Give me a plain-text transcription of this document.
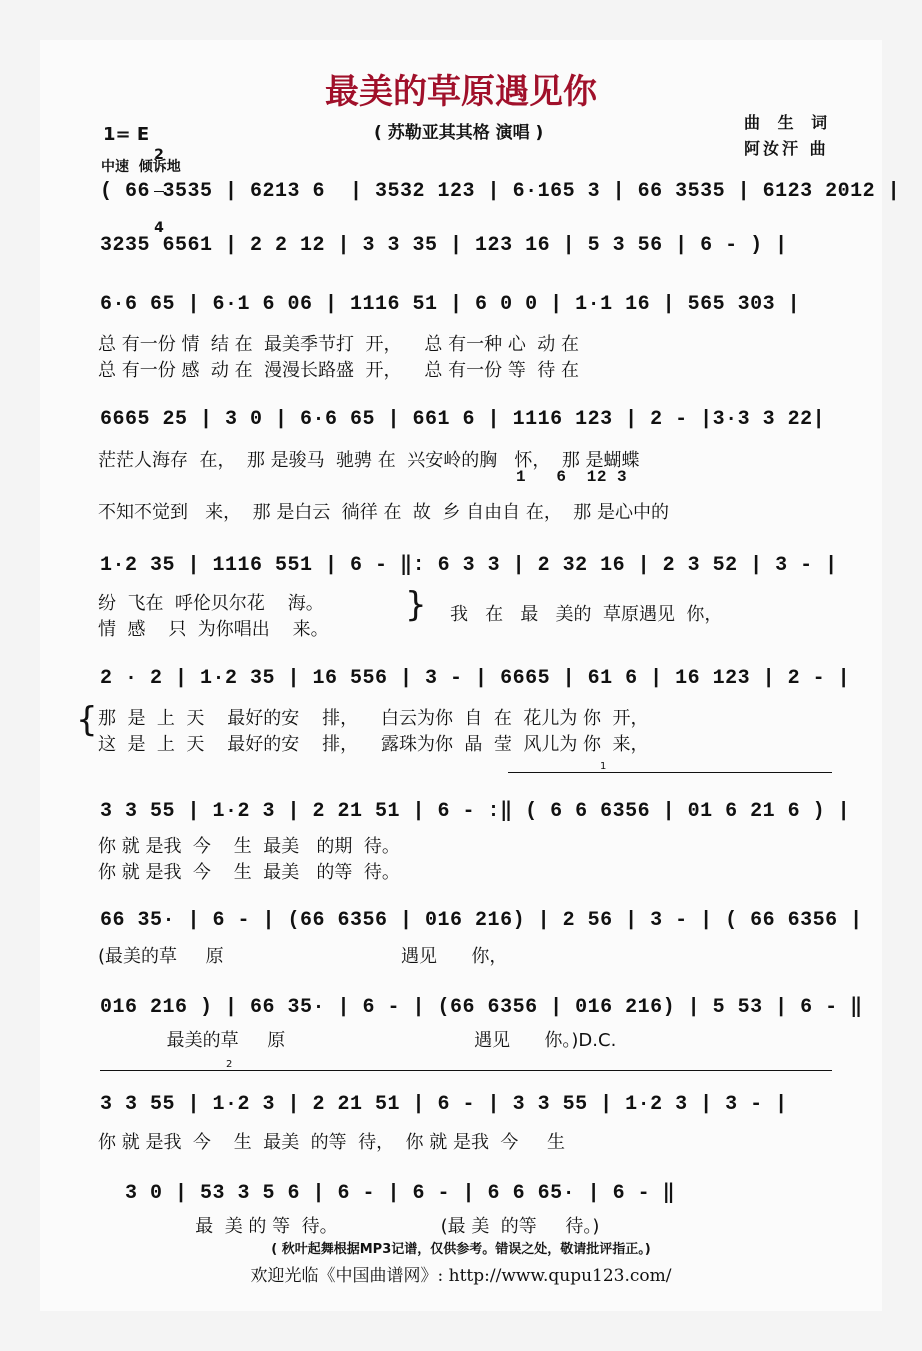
最美的草原遇见你
( 苏勒亚其其格 演唱 )
曲 生 词
阿汝汗 曲
1= E

2

4

中速  倾诉地
( 66 3535 | 6213 6  | 3532 123 | 6·165 3 | 66 3535 | 6123 2012 |
3235 6561 | 2 2 12 | 3 3 35 | 123 16 | 5 3 56 | 6 - ) |
6·6 65 | 6·1 6 06 | 1116 51 | 6 0 0 | 1·1 16 | 565 303 |
总 有一份 情  结 在  最美季节打  开，    总 有一种 心  动 在
总 有一份 感  动 在  漫漫长路盛  开，    总 有一份 等  待 在
6665 25 | 3 0 | 6·6 65 | 661 6 | 1116 123 | 2 - |3·3 3 22|
茫茫人海存  在，  那 是骏马  驰骋 在  兴安岭的胸   怀，  那 是蝴蝶
1   6  12 3
不知不觉到   来，  那 是白云  徜徉 在  故  乡 自由自 在，  那 是心中的
1·2 35 | 1116 551 | 6 - ‖: 6 3 3 | 2 32 16 | 2 3 52 | 3 - |
纷  飞在  呼伦贝尔花    海。
情  感    只  为你唱出    来。
} 我   在   最   美的  草原遇见  你，
2 · 2 | 1·2 35 | 16 556 | 3 - | 6665 | 61 6 | 16 123 | 2 - |
{ 那  是  上  天    最好的安    排，    白云为你  自  在  花儿为 你  开，
这  是  上  天    最好的安    排，    露珠为你  晶  莹  风儿为 你  来，
1
3 3 55 | 1·2 3 | 2 21 51 | 6 - :‖ ( 6 6 6356 | 01 6 21 6 ) |
你 就 是我  今    生  最美   的期  待。
你 就 是我  今    生  最美   的等  待。
66 35· | 6 - | (66 6356 | 016 216) | 2 56 | 3 - | ( 66 6356 |
(最美的草     原                               遇见      你，
016 216 ) | 66 35· | 6 - | (66 6356 | 016 216) | 5 53 | 6 - ‖
最美的草     原                                 遇见      你。)D.C.
2
3 3 55 | 1·2 3 | 2 21 51 | 6 - | 3 3 55 | 1·2 3 | 3 - |
你 就 是我  今    生  最美  的等  待，  你 就 是我  今     生
3 0 | 53 3 5 6 | 6 - | 6 - | 6 6 65· | 6 - ‖
最  美 的 等  待。                  (最 美  的等     待。)
( 秋叶起舞根据MP3记谱，仅供参考。错误之处，敬请批评指正。)
欢迎光临《中国曲谱网》: http://www.qupu123.com/
